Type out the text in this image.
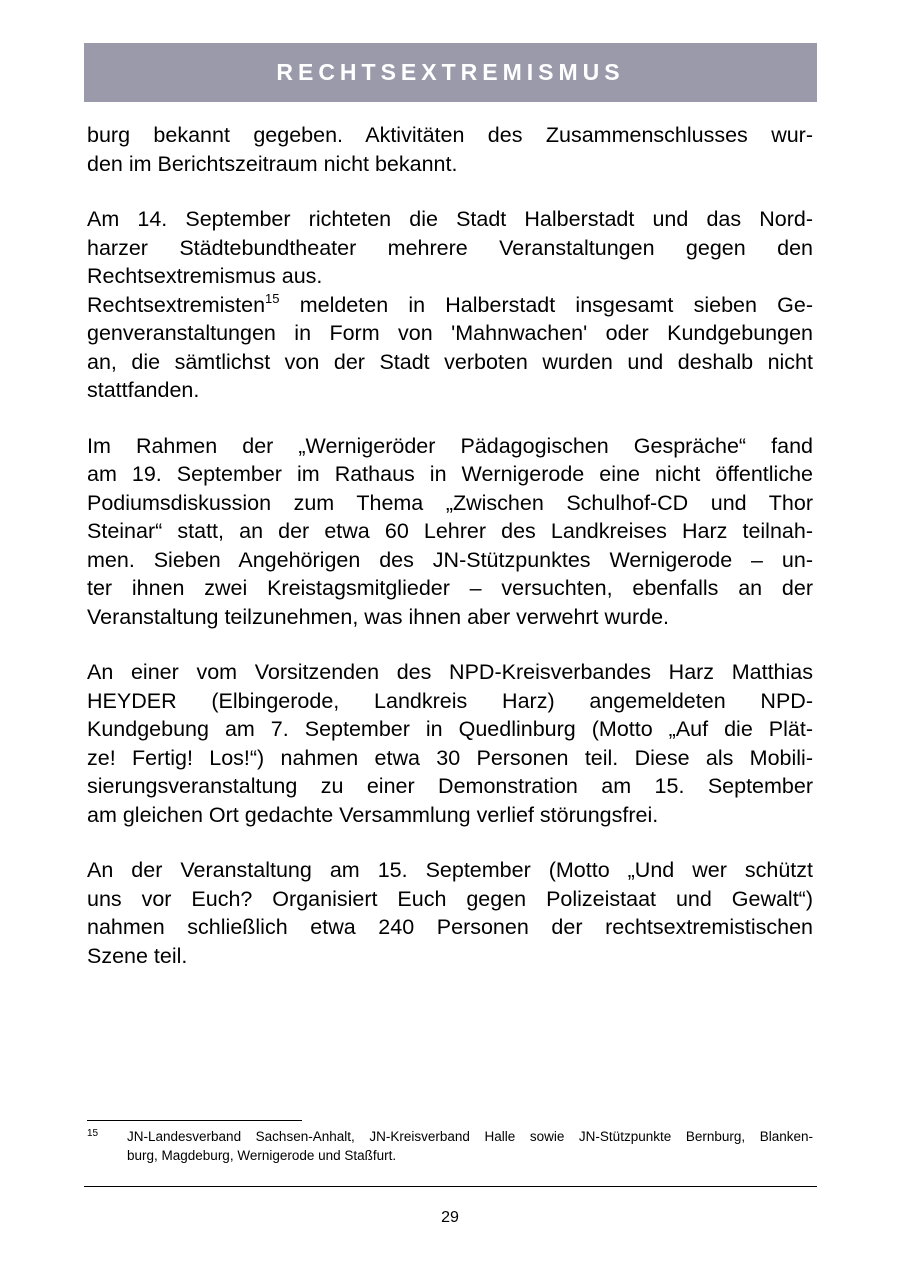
RECHTSEXTREMISMUS
burg bekannt gegeben. Aktivitäten des Zusammenschlusses wur-
den im Berichtszeitraum nicht bekannt.
Am 14. September richteten die Stadt Halberstadt und das Nord-
harzer Städtebundtheater mehrere Veranstaltungen gegen den
Rechtsextremismus aus.
Rechtsextremisten$^{15}$ meldeten in Halberstadt insgesamt sieben Ge-
genveranstaltungen in Form von 'Mahnwachen' oder Kundgebungen
an, die sämtlichst von der Stadt verboten wurden und deshalb nicht
stattfanden.
Im Rahmen der „Wernigeröder Pädagogischen Gespräche“ fand
am 19. September im Rathaus in Wernigerode eine nicht öffentliche
Podiumsdiskussion zum Thema „Zwischen Schulhof-CD und Thor
Steinar“ statt, an der etwa 60 Lehrer des Landkreises Harz teilnah-
men. Sieben Angehörigen des JN-Stützpunktes Wernigerode – un-
ter ihnen zwei Kreistagsmitglieder – versuchten, ebenfalls an der
Veranstaltung teilzunehmen, was ihnen aber verwehrt wurde.
An einer vom Vorsitzenden des NPD-Kreisverbandes Harz Matthias
HEYDER (Elbingerode, Landkreis Harz) angemeldeten NPD-
Kundgebung am 7. September in Quedlinburg (Motto „Auf die Plät-
ze! Fertig! Los!“) nahmen etwa 30 Personen teil. Diese als Mobili-
sierungsveranstaltung zu einer Demonstration am 15. September
am gleichen Ort gedachte Versammlung verlief störungsfrei.
An der Veranstaltung am 15. September (Motto „Und wer schützt
uns vor Euch? Organisiert Euch gegen Polizeistaat und Gewalt“)
nahmen schließlich etwa 240 Personen der rechtsextremistischen
Szene teil.
15 JN-Landesverband Sachsen-Anhalt, JN-Kreisverband Halle sowie JN-Stützpunkte Bernburg, Blanken-
burg, Magdeburg, Wernigerode und Staßfurt.
29
